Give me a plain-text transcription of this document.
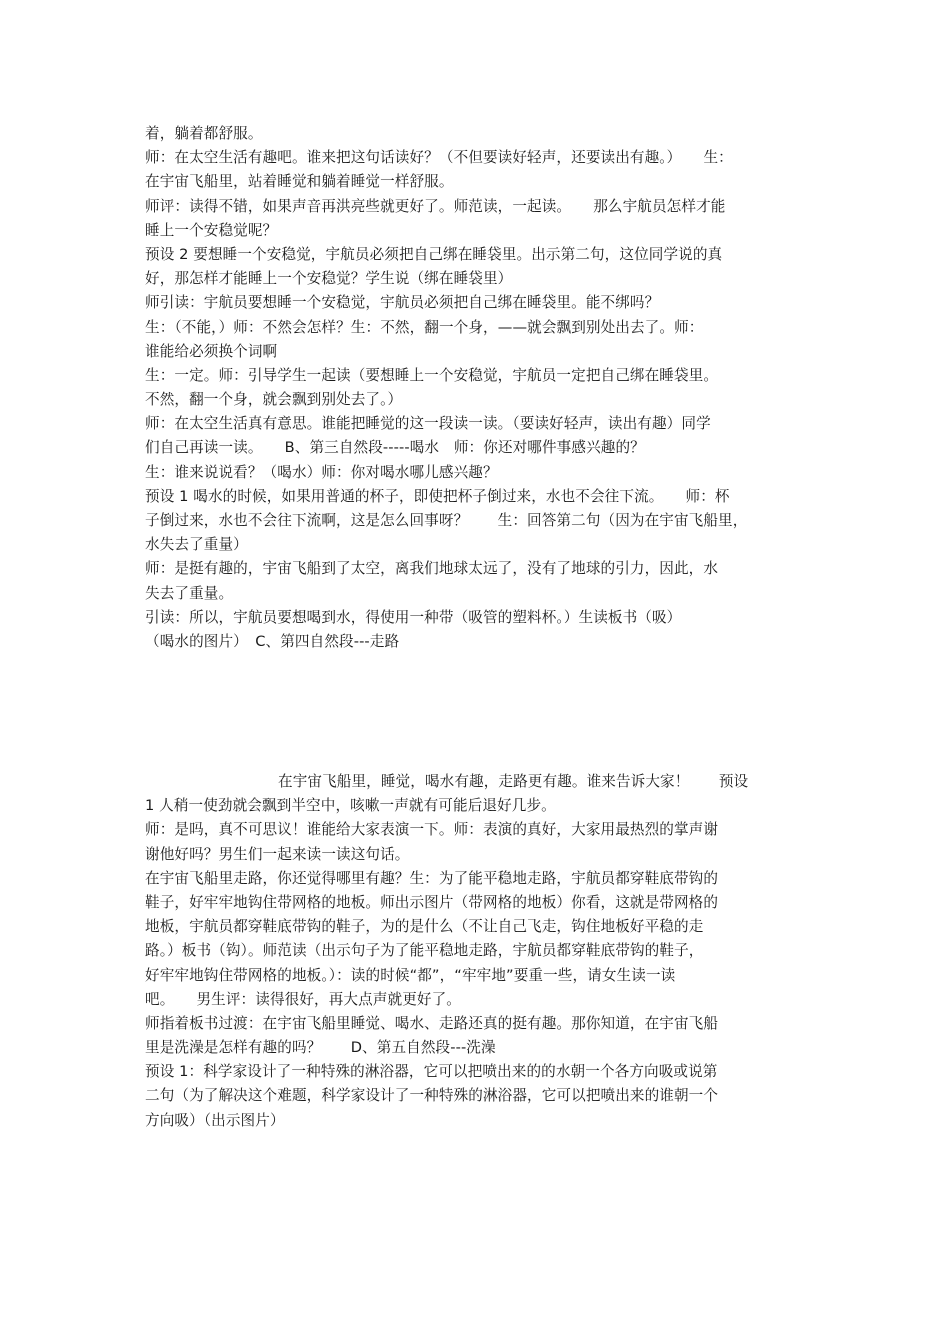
着，躺着都舒服。
师：在太空生活有趣吧。谁来把这句话读好？（不但要读好轻声，还要读出有趣。）　　生：
在宇宙飞船里，站着睡觉和躺着睡觉一样舒服。
师评：读得不错，如果声音再洪亮些就更好了。师范读，一起读。　　那么宇航员怎样才能
睡上一个安稳觉呢？
预设 2 要想睡一个安稳觉，宇航员必须把自己绑在睡袋里。出示第二句，这位同学说的真
好，那怎样才能睡上一个安稳觉？学生说（绑在睡袋里）
师引读：宇航员要想睡一个安稳觉，宇航员必须把自己绑在睡袋里。能不绑吗？
生：（不能，）师：不然会怎样？生：不然，翻一个身，——就会飘到别处出去了。师：
谁能给必须换个词啊
生：一定。师：引导学生一起读（要想睡上一个安稳觉，宇航员一定把自己绑在睡袋里。
不然，翻一个身，就会飘到别处去了。）
师：在太空生活真有意思。谁能把睡觉的这一段读一读。（要读好轻声，读出有趣）同学
们自己再读一读。　　B、第三自然段-----喝水　师：你还对哪件事感兴趣的？
生：谁来说说看？（喝水）师：你对喝水哪儿感兴趣？
预设 1 喝水的时候，如果用普通的杯子，即使把杯子倒过来，水也不会往下流。　　师：杯
子倒过来，水也不会往下流啊，这是怎么回事呀？　　生：回答第二句（因为在宇宙飞船里，
水失去了重量）
师：是挺有趣的，宇宙飞船到了太空，离我们地球太远了，没有了地球的引力，因此，水
失去了重量。
引读：所以，宇航员要想喝到水，得使用一种带（吸管的塑料杯。）生读板书（吸）
（喝水的图片）　C、第四自然段---走路
在宇宙飞船里，睡觉，喝水有趣，走路更有趣。谁来告诉大家！　　预设
1 人稍一使劲就会飘到半空中，咳嗽一声就有可能后退好几步。
师：是吗，真不可思议！谁能给大家表演一下。师：表演的真好，大家用最热烈的掌声谢
谢他好吗？男生们一起来读一读这句话。
在宇宙飞船里走路，你还觉得哪里有趣？生：为了能平稳地走路，宇航员都穿鞋底带钩的
鞋子，好牢牢地钩住带网格的地板。师出示图片（带网格的地板）你看，这就是带网格的
地板，宇航员都穿鞋底带钩的鞋子，为的是什么（不让自己飞走，钩住地板好平稳的走
路。）板书（钩）。师范读（出示句子为了能平稳地走路，宇航员都穿鞋底带钩的鞋子，
好牢牢地钩住带网格的地板。）：读的时候“都”，“牢牢地”要重一些，请女生读一读
吧。　　男生评：读得很好，再大点声就更好了。
师指着板书过渡：在宇宙飞船里睡觉、喝水、走路还真的挺有趣。那你知道，在宇宙飞船
里是洗澡是怎样有趣的吗？　　D、第五自然段---洗澡
预设 1：科学家设计了一种特殊的淋浴器，它可以把喷出来的的水朝一个各方向吸或说第
二句（为了解决这个难题，科学家设计了一种特殊的淋浴器，它可以把喷出来的谁朝一个
方向吸）（出示图片）
